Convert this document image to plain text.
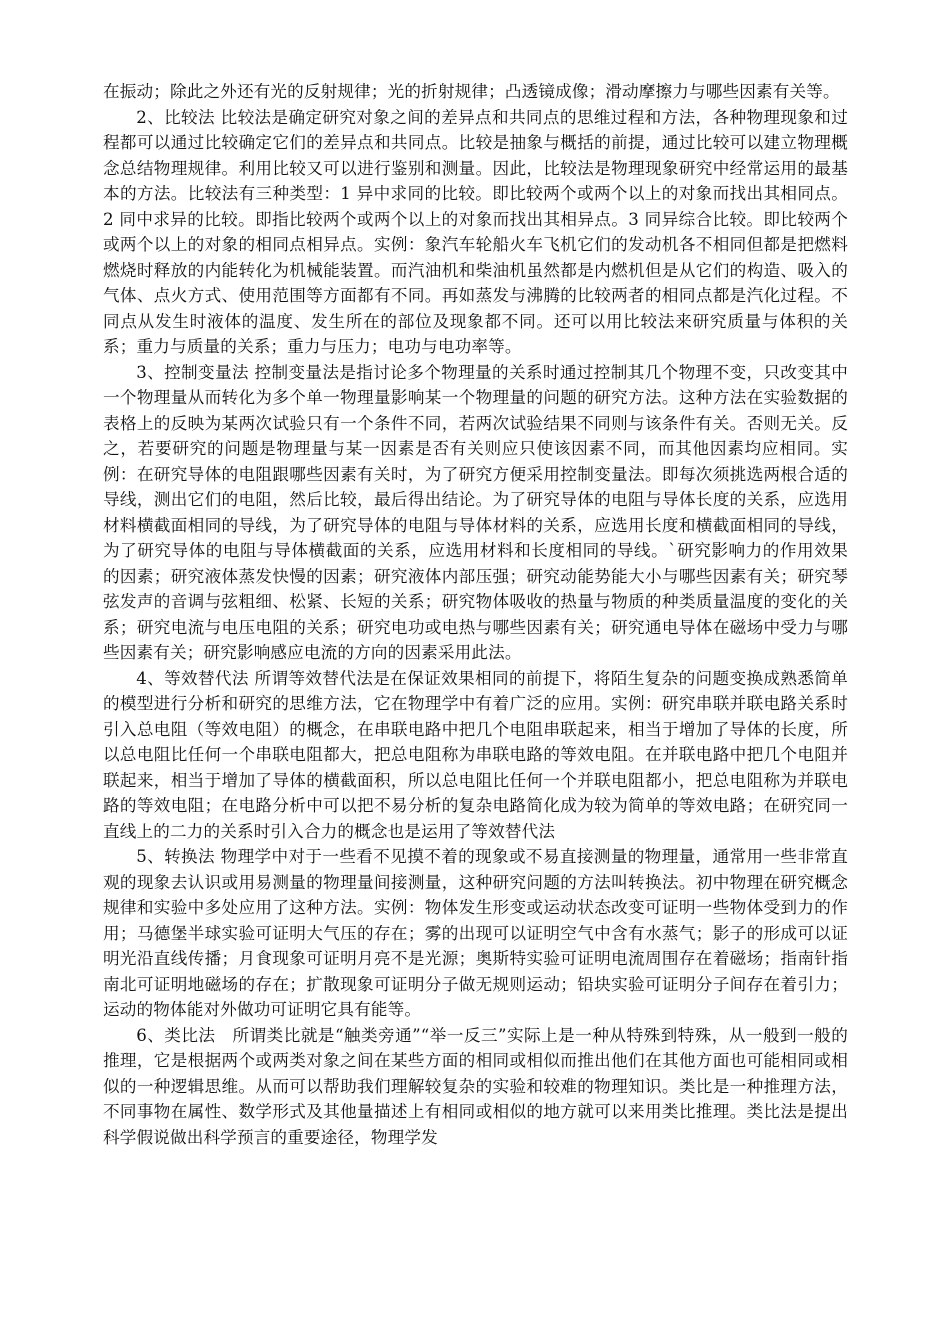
在振动；除此之外还有光的反射规律；光的折射规律；凸透镜成像；滑动摩擦力与哪些因素有关等。

2、比较法 比较法是确定研究对象之间的差异点和共同点的思维过程和方法，各种物理现象和过程都可以通过比较确定它们的差异点和共同点。比较是抽象与概括的前提，通过比较可以建立物理概念总结物理规律。利用比较又可以进行鉴别和测量。因此，比较法是物理现象研究中经常运用的最基本的方法。比较法有三种类型：1 异中求同的比较。即比较两个或两个以上的对象而找出其相同点。2 同中求异的比较。即指比较两个或两个以上的对象而找出其相异点。3 同异综合比较。即比较两个或两个以上的对象的相同点相异点。实例：象汽车轮船火车飞机它们的发动机各不相同但都是把燃料燃烧时释放的内能转化为机械能装置。而汽油机和柴油机虽然都是内燃机但是从它们的构造、吸入的气体、点火方式、使用范围等方面都有不同。再如蒸发与沸腾的比较两者的相同点都是汽化过程。不同点从发生时液体的温度、发生所在的部位及现象都不同。还可以用比较法来研究质量与体积的关系；重力与质量的关系；重力与压力；电功与电功率等。

3、控制变量法 控制变量法是指讨论多个物理量的关系时通过控制其几个物理不变，只改变其中一个物理量从而转化为多个单一物理量影响某一个物理量的问题的研究方法。这种方法在实验数据的表格上的反映为某两次试验只有一个条件不同，若两次试验结果不同则与该条件有关。否则无关。反之，若要研究的问题是物理量与某一因素是否有关则应只使该因素不同，而其他因素均应相同。实例：在研究导体的电阻跟哪些因素有关时，为了研究方便采用控制变量法。即每次须挑选两根合适的导线，测出它们的电阻，然后比较，最后得出结论。为了研究导体的电阻与导体长度的关系，应选用材料横截面相同的导线，为了研究导体的电阻与导体材料的关系，应选用长度和横截面相同的导线，为了研究导体的电阻与导体横截面的关系，应选用材料和长度相同的导线。`研究影响力的作用效果的因素；研究液体蒸发快慢的因素；研究液体内部压强；研究动能势能大小与哪些因素有关；研究琴弦发声的音调与弦粗细、松紧、长短的关系；研究物体吸收的热量与物质的种类质量温度的变化的关系；研究电流与电压电阻的关系；研究电功或电热与哪些因素有关；研究通电导体在磁场中受力与哪些因素有关；研究影响感应电流的方向的因素采用此法。

4、等效替代法 所谓等效替代法是在保证效果相同的前提下，将陌生复杂的问题变换成熟悉简单的模型进行分析和研究的思维方法，它在物理学中有着广泛的应用。实例：研究串联并联电路关系时引入总电阻（等效电阻）的概念，在串联电路中把几个电阻串联起来，相当于增加了导体的长度，所以总电阻比任何一个串联电阻都大，把总电阻称为串联电路的等效电阻。在并联电路中把几个电阻并联起来，相当于增加了导体的横截面积，所以总电阻比任何一个并联电阻都小，把总电阻称为并联电路的等效电阻；在电路分析中可以把不易分析的复杂电路简化成为较为简单的等效电路；在研究同一直线上的二力的关系时引入合力的概念也是运用了等效替代法

5、转换法 物理学中对于一些看不见摸不着的现象或不易直接测量的物理量，通常用一些非常直观的现象去认识或用易测量的物理量间接测量，这种研究问题的方法叫转换法。初中物理在研究概念规律和实验中多处应用了这种方法。实例：物体发生形变或运动状态改变可证明一些物体受到力的作用；马德堡半球实验可证明大气压的存在；雾的出现可以证明空气中含有水蒸气；影子的形成可以证明光沿直线传播；月食现象可证明月亮不是光源；奥斯特实验可证明电流周围存在着磁场；指南针指南北可证明地磁场的存在；扩散现象可证明分子做无规则运动；铅块实验可证明分子间存在着引力；运动的物体能对外做功可证明它具有能等。

6、类比法　所谓类比就是“触类旁通”“举一反三”实际上是一种从特殊到特殊，从一般到一般的推理，它是根据两个或两类对象之间在某些方面的相同或相似而推出他们在其他方面也可能相同或相似的一种逻辑思维。从而可以帮助我们理解较复杂的实验和较难的物理知识。类比是一种推理方法，不同事物在属性、数学形式及其他量描述上有相同或相似的地方就可以来用类比推理。类比法是提出科学假说做出科学预言的重要途径，物理学发
